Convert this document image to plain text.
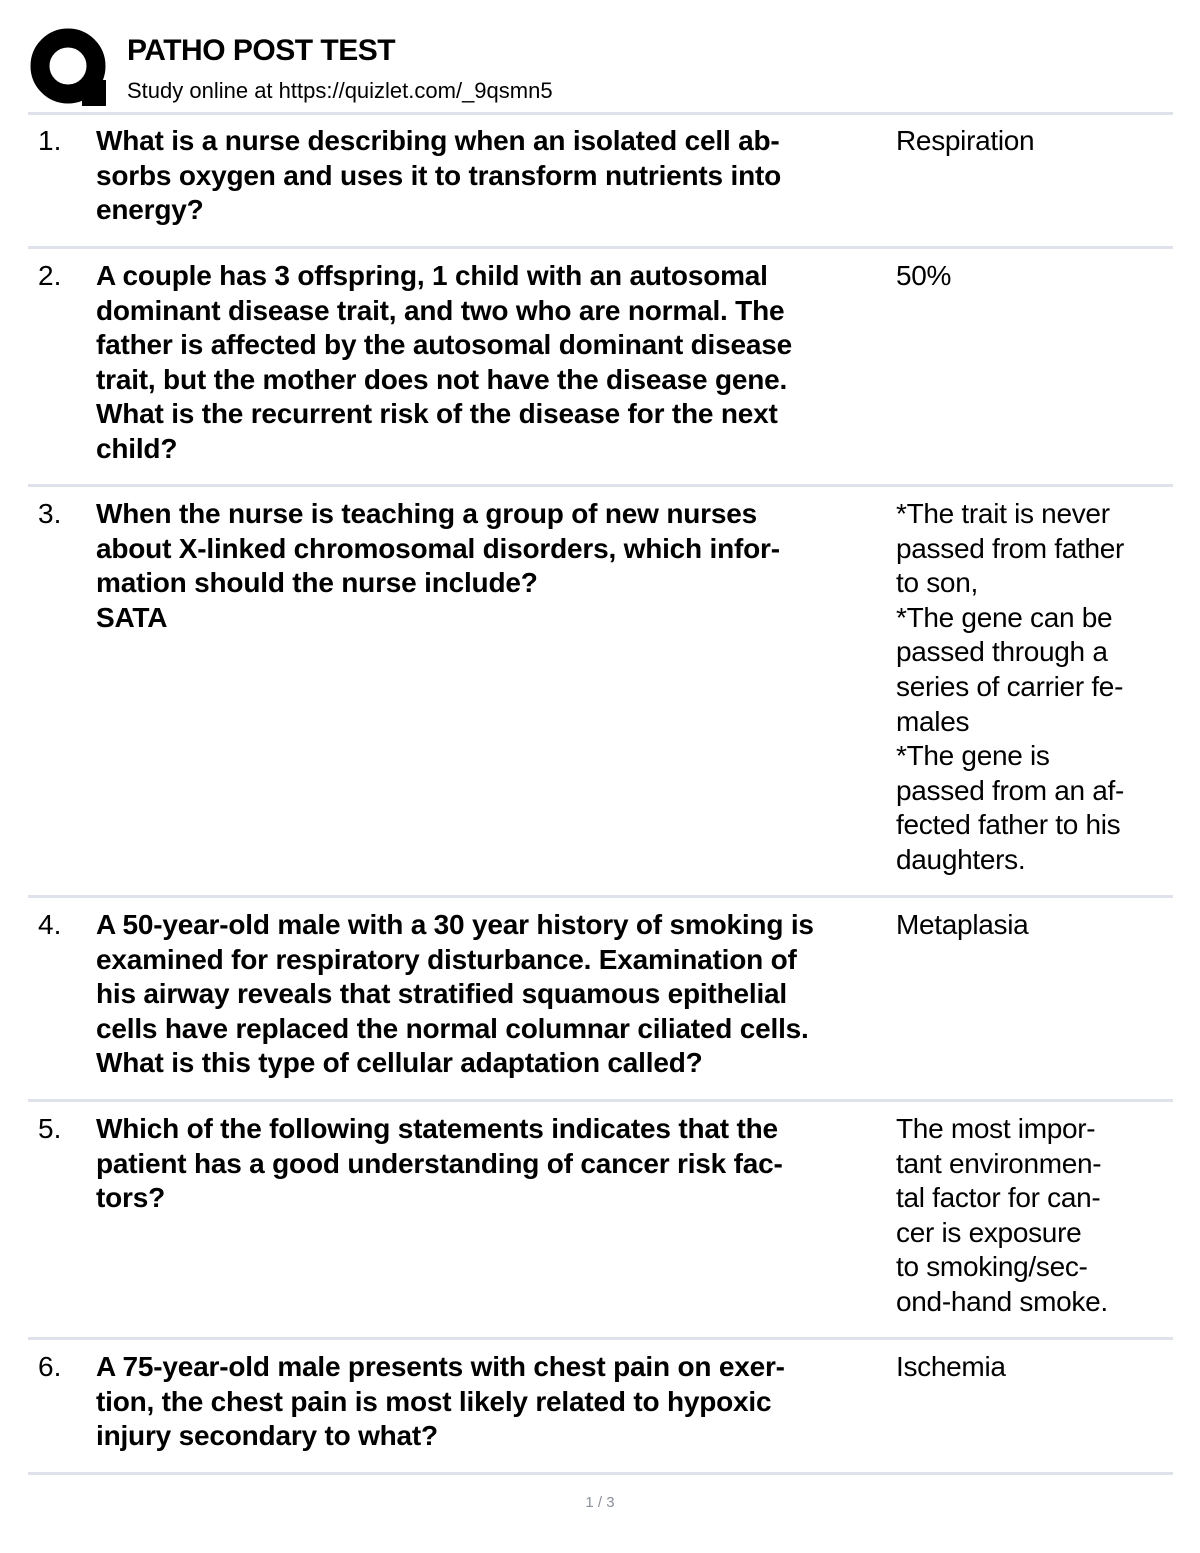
PATHO POST TEST
Study online at https://quizlet.com/_9qsmn5
1. What is a nurse describing when an isolated cell ab-
sorbs oxygen and uses it to transform nutrients into
energy?
Respiration
2. A couple has 3 offspring, 1 child with an autosomal
dominant disease trait, and two who are normal. The
father is affected by the autosomal dominant disease
trait, but the mother does not have the disease gene.
What is the recurrent risk of the disease for the next
child?
50%
3. When the nurse is teaching a group of new nurses
about X-linked chromosomal disorders, which infor-
mation should the nurse include?
SATA
*The trait is never
passed from father
to son,
*The gene can be
passed through a
series of carrier fe-
males
*The gene is
passed from an af-
fected father to his
daughters.
4. A 50-year-old male with a 30 year history of smoking is
examined for respiratory disturbance. Examination of
his airway reveals that stratified squamous epithelial
cells have replaced the normal columnar ciliated cells.
What is this type of cellular adaptation called?
Metaplasia
5. Which of the following statements indicates that the
patient has a good understanding of cancer risk fac-
tors?
The most impor-
tant environmen-
tal factor for can-
cer is exposure
to smoking/sec-
ond-hand smoke.
6. A 75-year-old male presents with chest pain on exer-
tion, the chest pain is most likely related to hypoxic
injury secondary to what?
Ischemia
1 / 3
